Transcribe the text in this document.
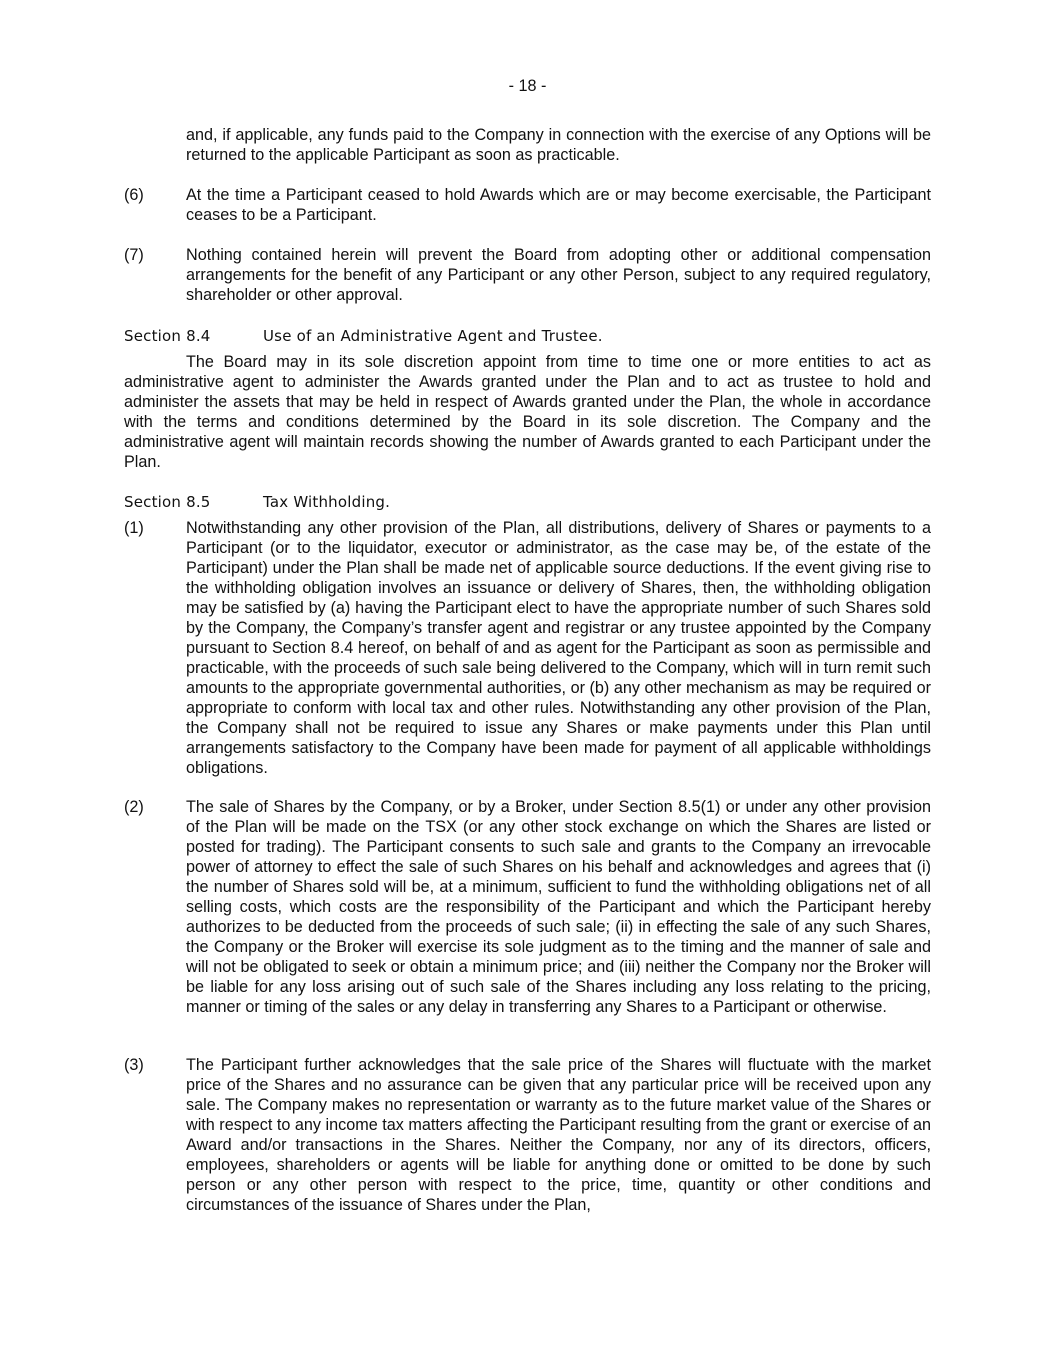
- 18 -
and, if applicable, any funds paid to the Company in connection with the exercise of any Options will be returned to the applicable Participant as soon as practicable.
(6)	At the time a Participant ceased to hold Awards which are or may become exercisable, the Participant ceases to be a Participant.
(7)	Nothing contained herein will prevent the Board from adopting other or additional compensation arrangements for the benefit of any Participant or any other Person, subject to any required regulatory, shareholder or other approval.
Section 8.4	Use of an Administrative Agent and Trustee.
The Board may in its sole discretion appoint from time to time one or more entities to act as administrative agent to administer the Awards granted under the Plan and to act as trustee to hold and administer the assets that may be held in respect of Awards granted under the Plan, the whole in accordance with the terms and conditions determined by the Board in its sole discretion. The Company and the administrative agent will maintain records showing the number of Awards granted to each Participant under the Plan.
Section 8.5	Tax Withholding.
(1)	Notwithstanding any other provision of the Plan, all distributions, delivery of Shares or payments to a Participant (or to the liquidator, executor or administrator, as the case may be, of the estate of the Participant) under the Plan shall be made net of applicable source deductions. If the event giving rise to the withholding obligation involves an issuance or delivery of Shares, then, the withholding obligation may be satisfied by (a) having the Participant elect to have the appropriate number of such Shares sold by the Company, the Company’s transfer agent and registrar or any trustee appointed by the Company pursuant to Section 8.4 hereof, on behalf of and as agent for the Participant as soon as permissible and practicable, with the proceeds of such sale being delivered to the Company, which will in turn remit such amounts to the appropriate governmental authorities, or (b) any other mechanism as may be required or appropriate to conform with local tax and other rules. Notwithstanding any other provision of the Plan, the Company shall not be required to issue any Shares or make payments under this Plan until arrangements satisfactory to the Company have been made for payment of all applicable withholdings obligations.
(2)	The sale of Shares by the Company, or by a Broker, under Section 8.5(1) or under any other provision of the Plan will be made on the TSX (or any other stock exchange on which the Shares are listed or posted for trading). The Participant consents to such sale and grants to the Company an irrevocable power of attorney to effect the sale of such Shares on his behalf and acknowledges and agrees that (i) the number of Shares sold will be, at a minimum, sufficient to fund the withholding obligations net of all selling costs, which costs are the responsibility of the Participant and which the Participant hereby authorizes to be deducted from the proceeds of such sale; (ii) in effecting the sale of any such Shares, the Company or the Broker will exercise its sole judgment as to the timing and the manner of sale and will not be obligated to seek or obtain a minimum price; and (iii) neither the Company nor the Broker will be liable for any loss arising out of such sale of the Shares including any loss relating to the pricing, manner or timing of the sales or any delay in transferring any Shares to a Participant or otherwise.
(3)	The Participant further acknowledges that the sale price of the Shares will fluctuate with the market price of the Shares and no assurance can be given that any particular price will be received upon any sale. The Company makes no representation or warranty as to the future market value of the Shares or with respect to any income tax matters affecting the Participant resulting from the grant or exercise of an Award and/or transactions in the Shares. Neither the Company, nor any of its directors, officers, employees, shareholders or agents will be liable for anything done or omitted to be done by such person or any other person with respect to the price, time, quantity or other conditions and circumstances of the issuance of Shares under the Plan,
